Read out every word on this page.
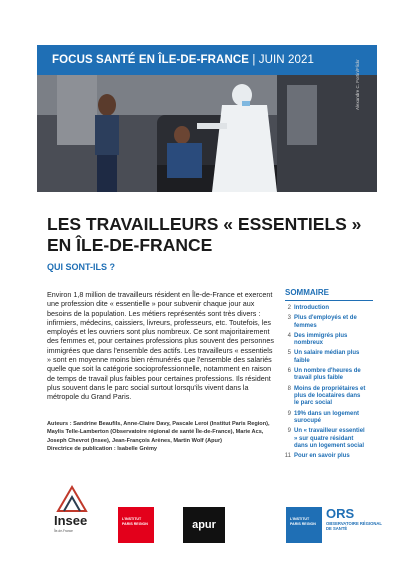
FOCUS SANTÉ EN ÎLE-DE-FRANCE | JUIN 2021	Alexandre C. Fortin/Flickr
LES TRAVAILLEURS « ESSENTIELS »
EN ÎLE-DE-FRANCE
QUI SONT-ILS ?
Environ 1,8 million de travailleurs résident en Île-de-France et exercent une profession dite « essentielle » pour subvenir chaque jour aux besoins de la population. Les métiers représentés sont très divers : infirmiers, médecins, caissiers, livreurs, professeurs, etc. Toutefois, les employés et les ouvriers sont plus nombreux. Ce sont majoritairement des femmes et, pour certaines professions plus souvent des personnes immigrées que dans l'ensemble des actifs. Les travailleurs « essentiels » sont en moyenne moins bien rémunérés que l'ensemble des salariés quelle que soit la catégorie socioprofessionnelle, notamment en raison de temps de travail plus faibles pour certaines professions. Ils résident plus souvent dans le parc social surtout lorsqu'ils vivent dans la métropole du Grand Paris.
Auteurs : Sandrine Beaufils, Anne-Claire Davy, Pascale Leroi (Institut Paris Region), Maylis Telle-Lamberton (Observatoire régional de santé Île-de-France), Marie Acs, Joseph Chevrot (Insee), Jean-François Arènes, Martin Wolf (Apur)
Directrice de publication : Isabelle Grémy
SOMMAIRE
2 Introduction
3 Plus d'employés et de femmes
4 Des immigrés plus nombreux
5 Un salaire médian plus faible
6 Un nombre d'heures de travail plus faible
8 Moins de propriétaires et plus de locataires dans le parc social
9 19% dans un logement surocupé
9 Un « travailleur essentiel » sur quatre résidant dans un logement social
11 Pour en savoir plus
Insee
Île-de-France
L'INSTITUT PARIS REGION	apur	L'INSTITUT PARIS REGION
ORS
OBSERVATOIRE RÉGIONAL DE SANTÉ
